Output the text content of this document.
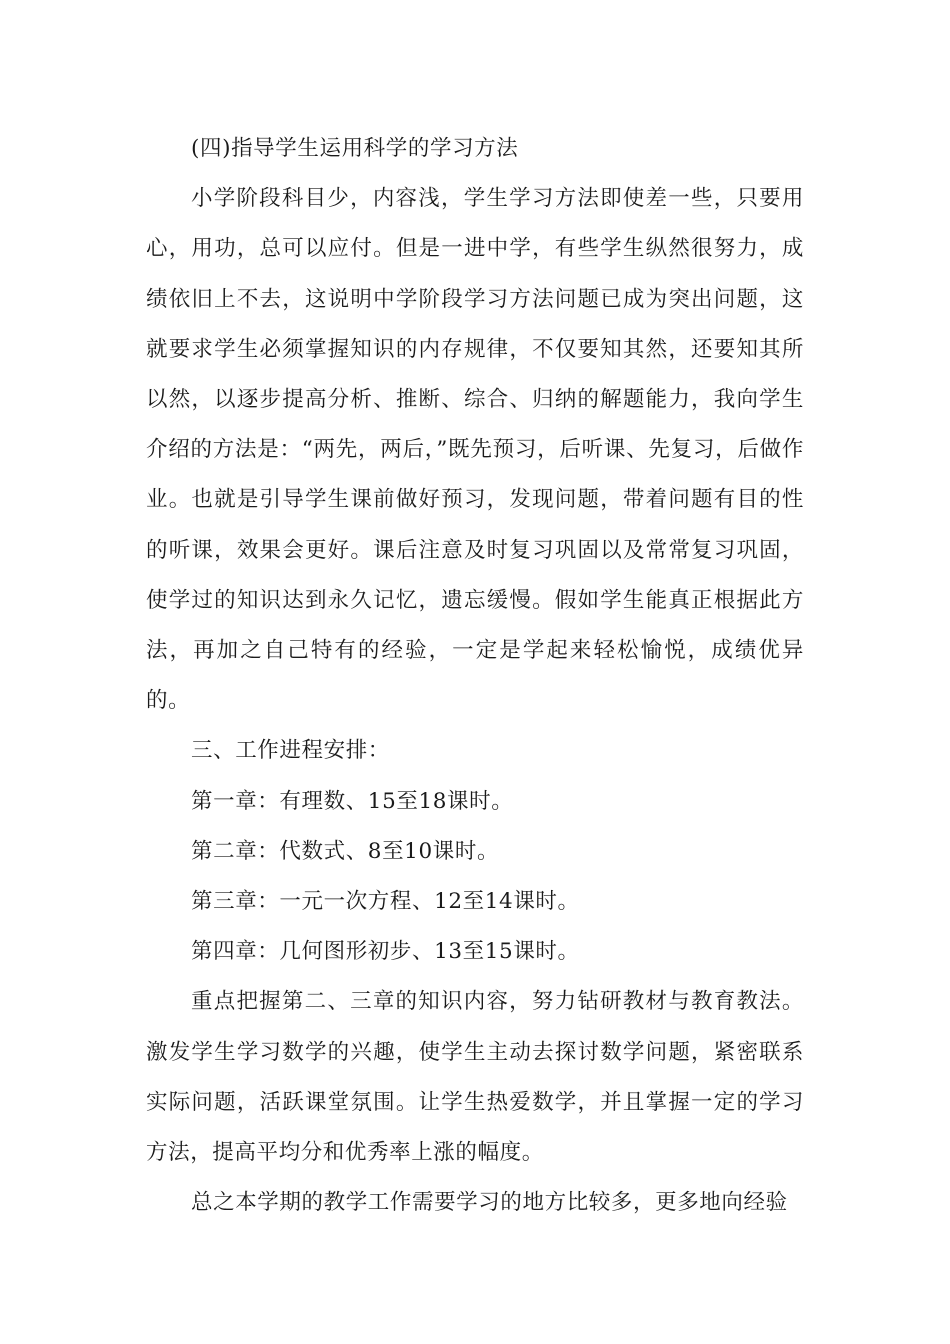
(四)指导学生运用科学的学习方法

小学阶段科目少，内容浅，学生学习方法即使差一些，只要用心，用功，总可以应付。但是一进中学，有些学生纵然很努力，成绩依旧上不去，这说明中学阶段学习方法问题已成为突出问题，这就要求学生必须掌握知识的内存规律，不仅要知其然，还要知其所以然，以逐步提高分析、推断、综合、归纳的解题能力，我向学生介绍的方法是：“两先，两后，”既先预习，后听课、先复习，后做作业。也就是引导学生课前做好预习，发现问题，带着问题有目的性的听课，效果会更好。课后注意及时复习巩固以及常常复习巩固，使学过的知识达到永久记忆，遗忘缓慢。假如学生能真正根据此方法，再加之自己特有的经验，一定是学起来轻松愉悦，成绩优异的。

三、工作进程安排：

第一章：有理数、15至18课时。

第二章：代数式、8至10课时。

第三章：一元一次方程、12至14课时。

第四章：几何图形初步、13至15课时。

重点把握第二、三章的知识内容，努力钻研教材与教育教法。激发学生学习数学的兴趣，使学生主动去探讨数学问题，紧密联系实际问题，活跃课堂氛围。让学生热爱数学，并且掌握一定的学习方法，提高平均分和优秀率上涨的幅度。

总之本学期的教学工作需要学习的地方比较多，更多地向经验
